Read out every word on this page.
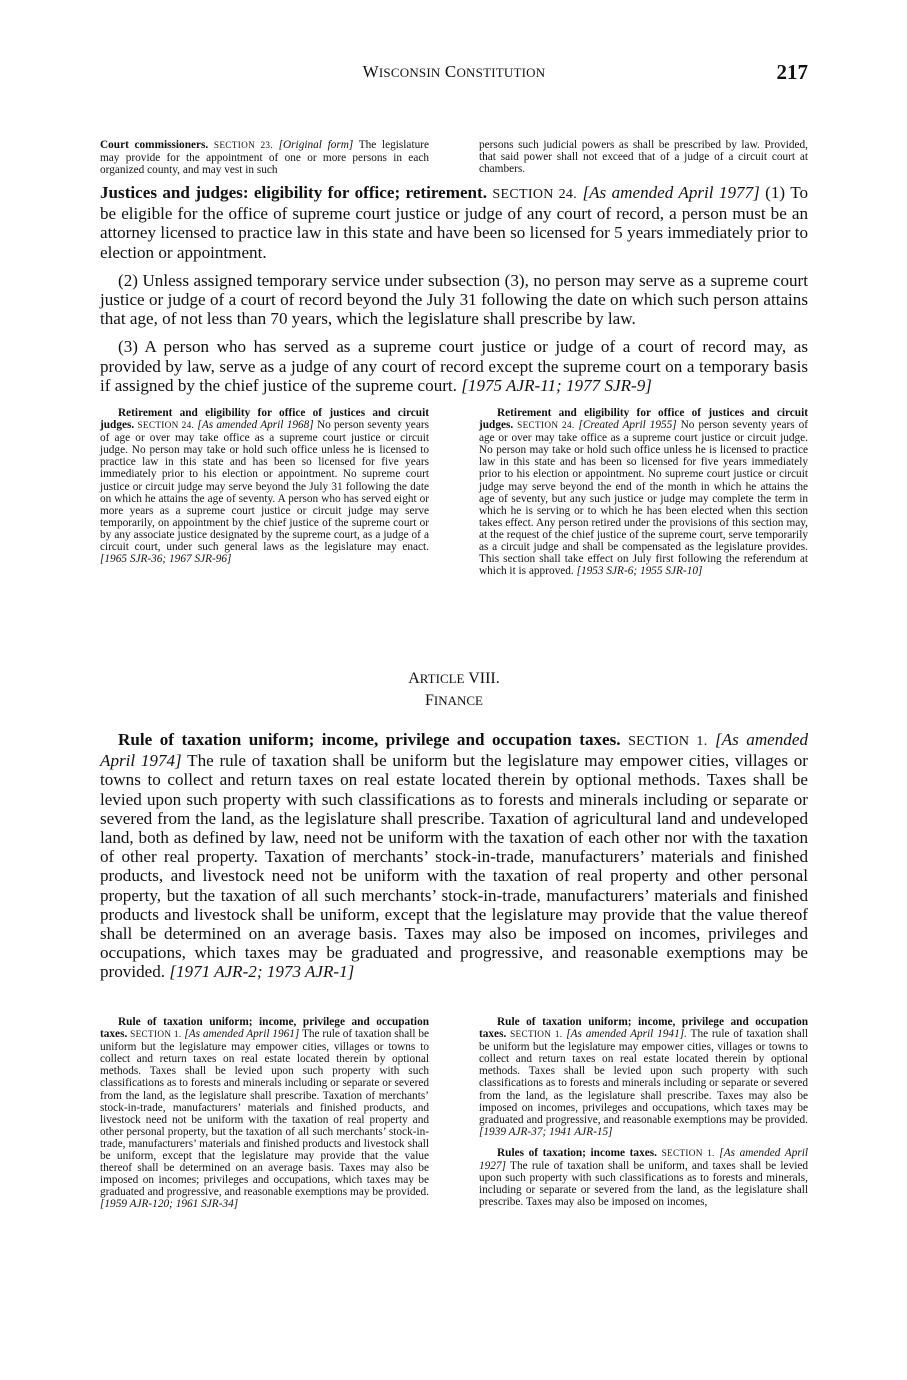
WISCONSIN CONSTITUTION	217

Court commissioners. SECTION 23. [Original form] The legislature may provide for the appointment of one or more persons in each organized county, and may vest in such

persons such judicial powers as shall be prescribed by law. Provided, that said power shall not exceed that of a judge of a circuit court at chambers.

Justices and judges: eligibility for office; retirement. SECTION 24. [As amended April 1977] (1) To be eligible for the office of supreme court justice or judge of any court of record, a person must be an attorney licensed to practice law in this state and have been so licensed for 5 years immediately prior to election or appointment.

(2) Unless assigned temporary service under subsection (3), no person may serve as a supreme court justice or judge of a court of record beyond the July 31 following the date on which such person attains that age, of not less than 70 years, which the legislature shall prescribe by law.

(3) A person who has served as a supreme court justice or judge of a court of record may, as provided by law, serve as a judge of any court of record except the supreme court on a temporary basis if assigned by the chief justice of the supreme court. [1975 AJR-11; 1977 SJR-9]

Retirement and eligibility for office of justices and circuit judges. SECTION 24. [As amended April 1968] No person seventy years of age or over may take office as a supreme court justice or circuit judge. No person may take or hold such office unless he is licensed to practice law in this state and has been so licensed for five years immediately prior to his election or appointment. No supreme court justice or circuit judge may serve beyond the July 31 following the date on which he attains the age of seventy. A person who has served eight or more years as a supreme court justice or circuit judge may serve temporarily, on appointment by the chief justice of the supreme court or by any associate justice designated by the supreme court, as a judge of a circuit court, under such general laws as the legislature may enact. [1965 SJR-36; 1967 SJR-96]

Retirement and eligibility for office of justices and circuit judges. SECTION 24. [Created April 1955] No person seventy years of age or over may take office as a supreme court justice or circuit judge. No person may take or hold such office unless he is licensed to practice law in this state and has been so licensed for five years immediately prior to his election or appointment. No supreme court justice or circuit judge may serve beyond the end of the month in which he attains the age of seventy, but any such justice or judge may complete the term in which he is serving or to which he has been elected when this section takes effect. Any person retired under the provisions of this section may, at the request of the chief justice of the supreme court, serve temporarily as a circuit judge and shall be compensated as the legislature provides. This section shall take effect on July first following the referendum at which it is approved. [1953 SJR-6; 1955 SJR-10]

ARTICLE VIII.
FINANCE

Rule of taxation uniform; income, privilege and occupation taxes. SECTION 1. [As amended April 1974] The rule of taxation shall be uniform but the legislature may empower cities, villages or towns to collect and return taxes on real estate located therein by optional methods. Taxes shall be levied upon such property with such classifications as to forests and minerals including or separate or severed from the land, as the legislature shall prescribe. Taxation of agricultural land and undeveloped land, both as defined by law, need not be uniform with the taxation of each other nor with the taxation of other real property. Taxation of merchants’ stock-in-trade, manufacturers’ materials and finished products, and livestock need not be uniform with the taxation of real property and other personal property, but the taxation of all such merchants’ stock-in-trade, manufacturers’ materials and finished products and livestock shall be uniform, except that the legislature may provide that the value thereof shall be determined on an average basis. Taxes may also be imposed on incomes, privileges and occupations, which taxes may be graduated and progressive, and reasonable exemptions may be provided. [1971 AJR-2; 1973 AJR-1]

Rule of taxation uniform; income, privilege and occupation taxes. SECTION 1. [As amended April 1961] The rule of taxation shall be uniform but the legislature may empower cities, villages or towns to collect and return taxes on real estate located therein by optional methods. Taxes shall be levied upon such property with such classifications as to forests and minerals including or separate or severed from the land, as the legislature shall prescribe. Taxation of merchants’ stock-in-trade, manufacturers’ materials and finished products, and livestock need not be uniform with the taxation of real property and other personal property, but the taxation of all such merchants’ stock-in-trade, manufacturers’ materials and finished products and livestock shall be uniform, except that the legislature may provide that the value thereof shall be determined on an average basis. Taxes may also be imposed on incomes; privileges and occupations, which taxes may be graduated and progressive, and reasonable exemptions may be provided. [1959 AJR-120; 1961 SJR-34]

Rule of taxation uniform; income, privilege and occupation taxes. SECTION 1. [As amended April 1941]. The rule of taxation shall be uniform but the legislature may empower cities, villages or towns to collect and return taxes on real estate located therein by optional methods. Taxes shall be levied upon such property with such classifications as to forests and minerals including or separate or severed from the land, as the legislature shall prescribe. Taxes may also be imposed on incomes, privileges and occupations, which taxes may be graduated and progressive, and reasonable exemptions may be provided. [1939 AJR-37; 1941 AJR-15]

Rules of taxation; income taxes. SECTION 1. [As amended April 1927] The rule of taxation shall be uniform, and taxes shall be levied upon such property with such classifications as to forests and minerals, including or separate or severed from the land, as the legislature shall prescribe. Taxes may also be imposed on incomes,
